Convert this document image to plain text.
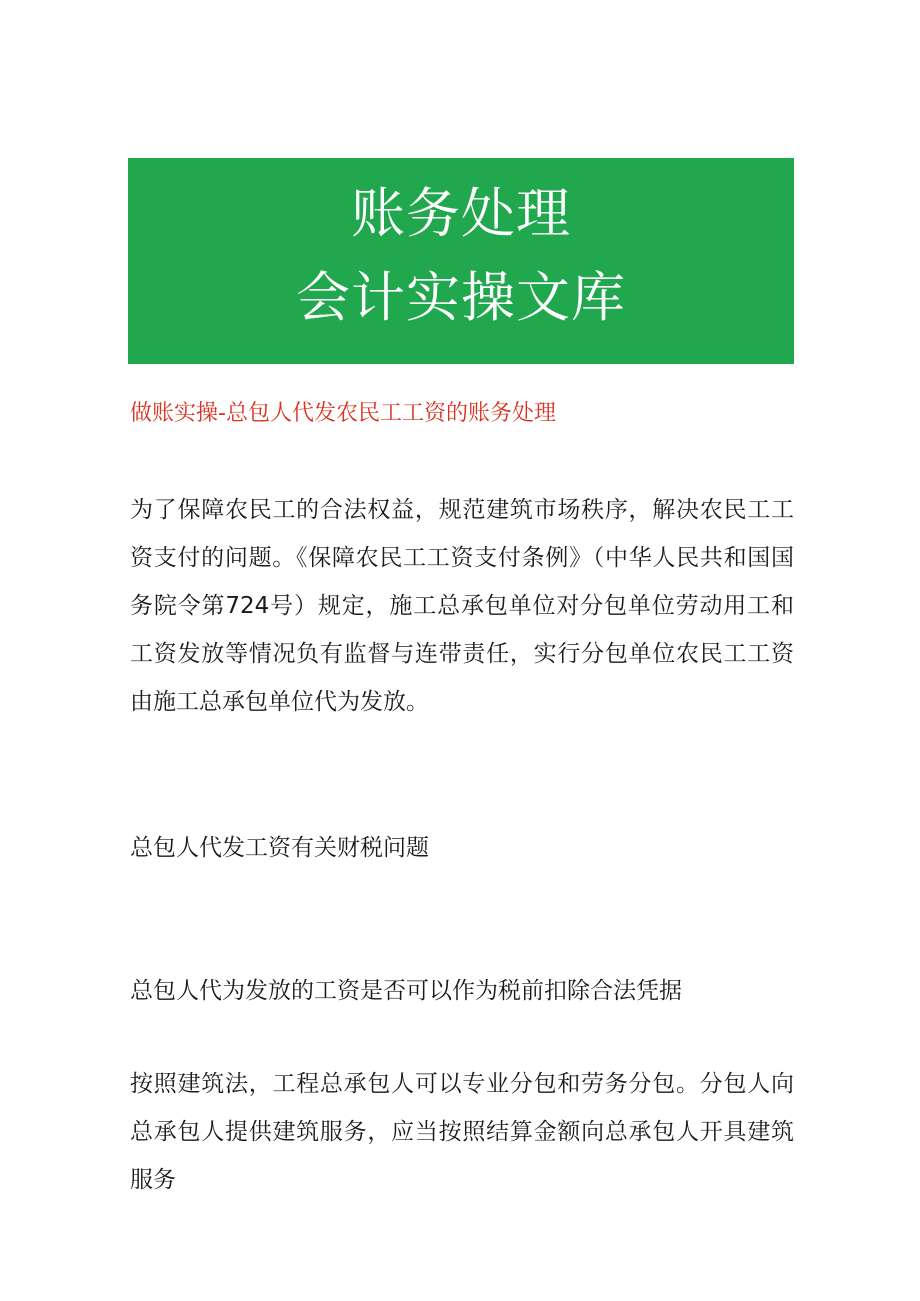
账务处理
会计实操文库
做账实操-总包人代发农民工工资的账务处理

为了保障农民工的合法权益，规范建筑市场秩序，解决农民工工资支付的问题。《保障农民工工资支付条例》（中华人民共和国国务院令第724号）规定，施工总承包单位对分包单位劳动用工和工资发放等情况负有监督与连带责任，实行分包单位农民工工资由施工总承包单位代为发放。

总包人代发工资有关财税问题

总包人代为发放的工资是否可以作为税前扣除合法凭据

按照建筑法，工程总承包人可以专业分包和劳务分包。分包人向总承包人提供建筑服务，应当按照结算金额向总承包人开具建筑服务
